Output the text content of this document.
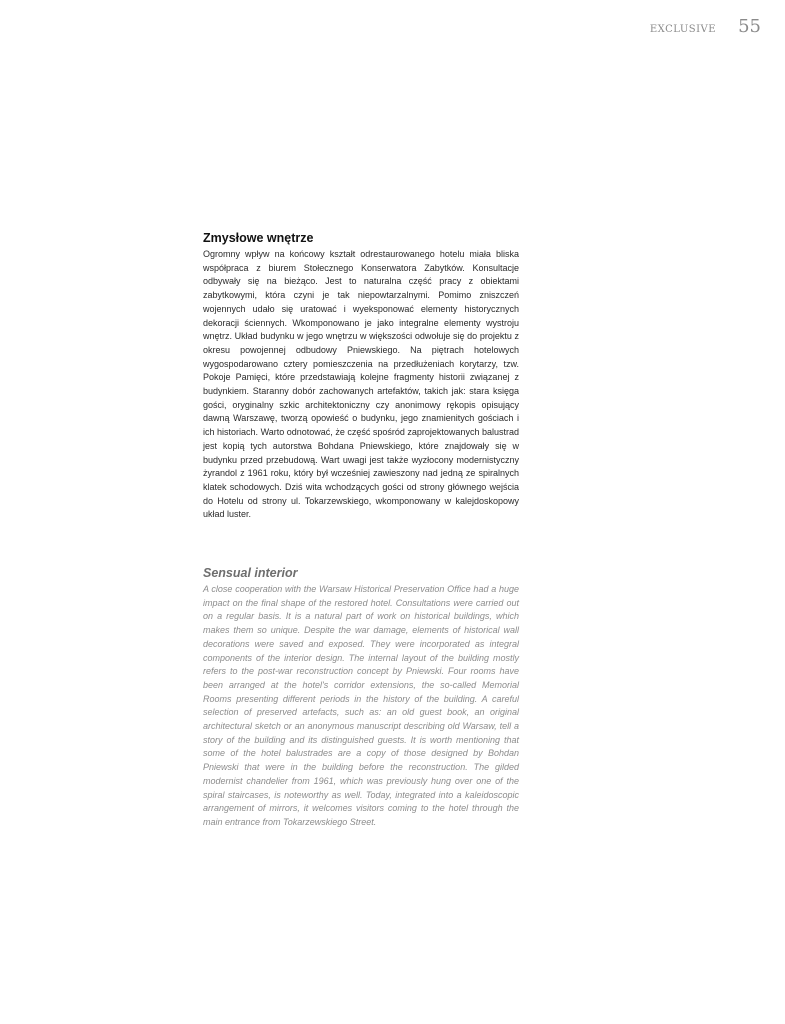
EXCLUSIVE 55
Zmysłowe wnętrze

Ogromny wpływ na końcowy kształt odrestaurowanego hotelu miała bliska współpraca z biurem Stołecznego Konserwatora Zabytków. Konsultacje odbywały się na bieżąco. Jest to naturalna część pracy z obiektami zabytkowymi, która czyni je tak niepowtarzalnymi. Pomimo zniszczeń wojennych udało się uratować i wyeksponować elementy historycznych dekoracji ściennych. Wkomponowano je jako integralne elementy wystroju wnętrz. Układ budynku w jego wnętrzu w większości odwołuje się do projektu z okresu powojennej odbudowy Pniewskiego. Na piętrach hotelowych wygospodarowano cztery pomieszczenia na przedłużeniach korytarzy, tzw. Pokoje Pamięci, które przedstawiają kolejne fragmenty historii związanej z budynkiem. Staranny dobór zachowanych artefaktów, takich jak: stara księga gości, oryginalny szkic architektoniczny czy anonimowy rękopis opisujący dawną Warszawę, tworzą opowieść o budynku, jego znamienitych gościach i ich historiach. Warto odnotować, że część spośród zaprojektowanych balustrad jest kopią tych autorstwa Bohdana Pniewskiego, które znajdowały się w budynku przed przebudową. Wart uwagi jest także wyzłocony modernistyczny żyrandol z 1961 roku, który był wcześniej zawieszony nad jedną ze spiralnych klatek schodowych. Dziś wita wchodzących gości od strony głównego wejścia do Hotelu od strony ul. Tokarzewskiego, wkomponowany w kalejdoskopowy układ luster.

Sensual interior

A close cooperation with the Warsaw Historical Preservation Office had a huge impact on the final shape of the restored hotel. Consultations were carried out on a regular basis. It is a natural part of work on historical buildings, which makes them so unique. Despite the war damage, elements of historical wall decorations were saved and exposed. They were incorporated as integral components of the interior design. The internal layout of the building mostly refers to the post-war reconstruction concept by Pniewski. Four rooms have been arranged at the hotel's corridor extensions, the so-called Memorial Rooms presenting different periods in the history of the building. A careful selection of preserved artefacts, such as: an old guest book, an original architectural sketch or an anonymous manuscript describing old Warsaw, tell a story of the building and its distinguished guests. It is worth mentioning that some of the hotel balustrades are a copy of those designed by Bohdan Pniewski that were in the building before the reconstruction. The gilded modernist chandelier from 1961, which was previously hung over one of the spiral staircases, is noteworthy as well. Today, integrated into a kaleidoscopic arrangement of mirrors, it welcomes visitors coming to the hotel through the main entrance from Tokarzewskiego Street.
